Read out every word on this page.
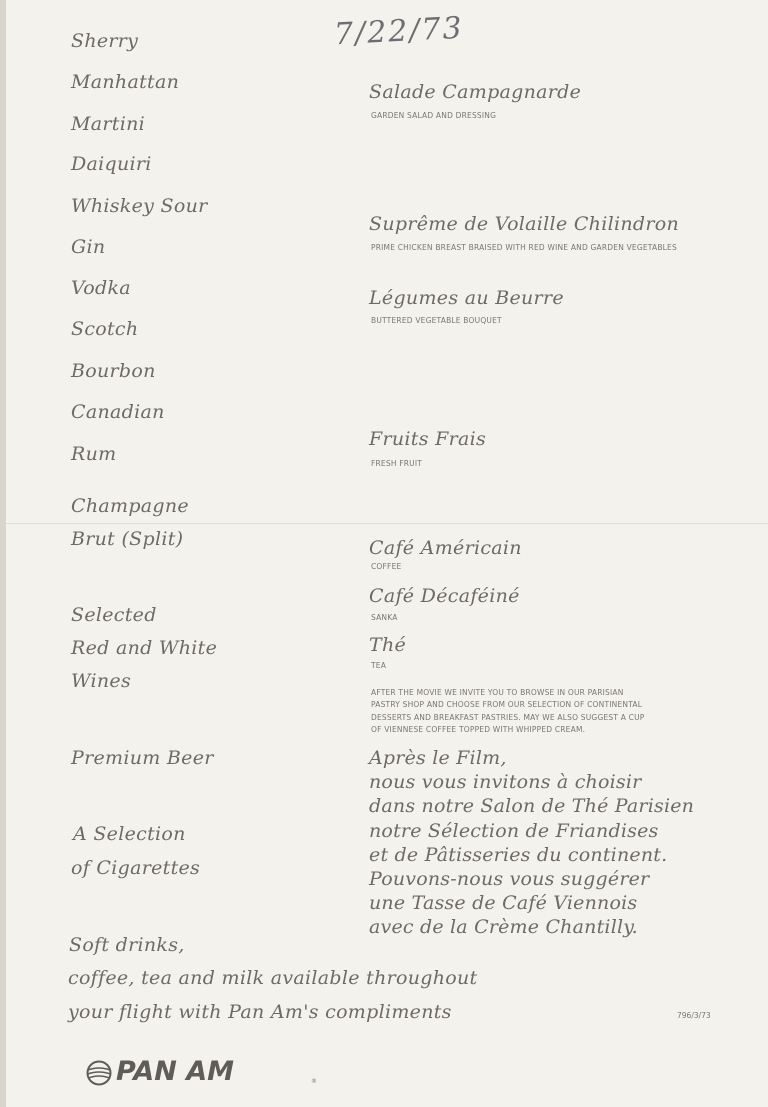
7/22/73
Sherry
Manhattan
Martini
Daiquiri
Whiskey Sour
Gin
Vodka
Scotch
Bourbon
Canadian
Rum
Champagne
Brut (Split)
Selected
Red and White
Wines
Premium Beer
A Selection
of Cigarettes
Salade Campagnarde
GARDEN SALAD AND DRESSING
Suprême de Volaille Chilindron
PRIME CHICKEN BREAST BRAISED WITH RED WINE AND GARDEN VEGETABLES
Légumes au Beurre
BUTTERED VEGETABLE BOUQUET
Fruits Frais
FRESH FRUIT
Café Américain
COFFEE
Café Décaféiné
SANKA
Thé
TEA
AFTER THE MOVIE WE INVITE YOU TO BROWSE IN OUR PARISIAN
PASTRY SHOP AND CHOOSE FROM OUR SELECTION OF CONTINENTAL
DESSERTS AND BREAKFAST PASTRIES. MAY WE ALSO SUGGEST A CUP
OF VIENNESE COFFEE TOPPED WITH WHIPPED CREAM.
Après le Film,
nous vous invitons à choisir
dans notre Salon de Thé Parisien
notre Sélection de Friandises
et de Pâtisseries du continent.
Pouvons-nous vous suggérer
une Tasse de Café Viennois
avec de la Crème Chantilly.
Soft drinks,
coffee, tea and milk available throughout
your flight with Pan Am's compliments	796/3/73
PAN AM	®
